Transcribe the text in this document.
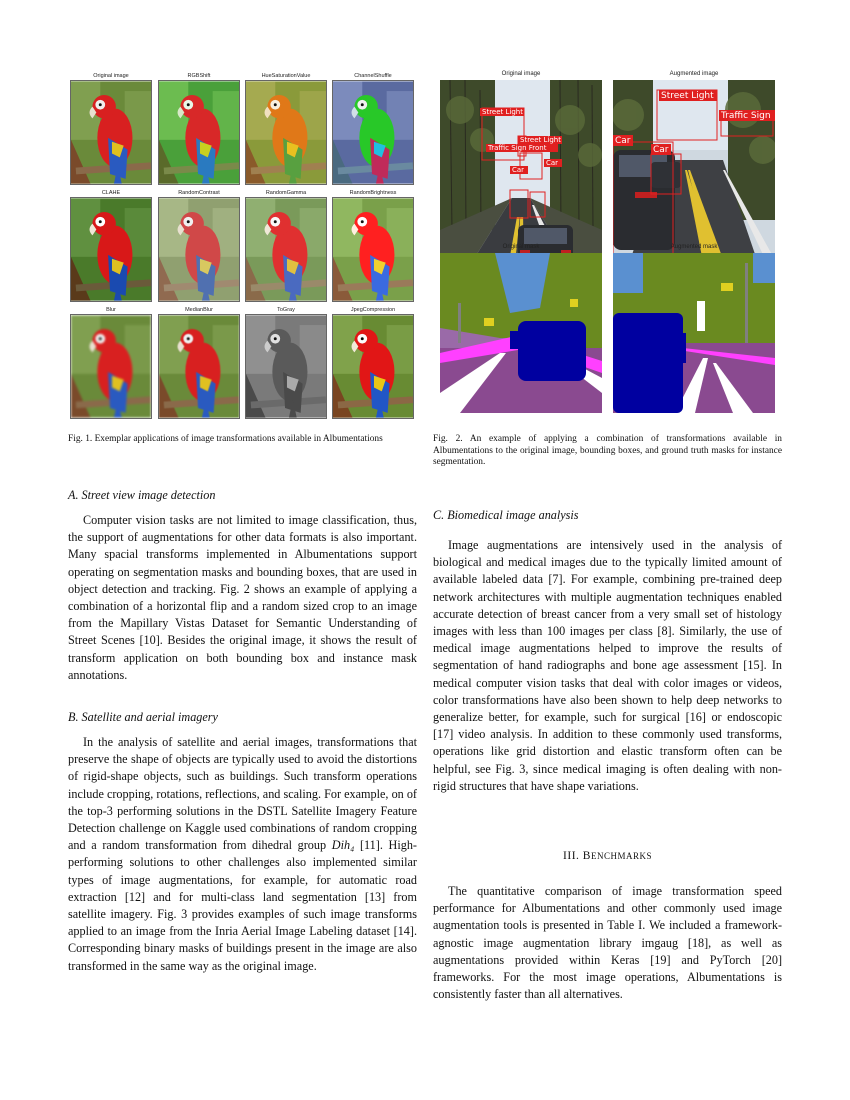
Original image	RGBShift	HueSaturationValue	ChannelShuffle
CLAHE	RandomContrast	RandomGamma	RandomBrightness
Blur	MedianBlur	ToGray	JpegCompression
Fig. 1. Exemplar applications of image transformations available in Albumentations
Original image	Augmented image
Street Light
Street Light
Traffic Sign Front
Car
Car
Street Light
Traffic Sign
Car
Car
Original mask	Augmented mask
Fig. 2. An example of applying a combination of transformations available in Albumentations to the original image, bounding boxes, and ground truth masks for instance segmentation.
A. Street view image detection
Computer vision tasks are not limited to image classification, thus, the support of augmentations for other data formats is also important. Many spacial transforms implemented in Albumentations support operating on segmentation masks and bounding boxes, that are used in object detection and tracking. Fig. 2 shows an example of applying a combination of a horizontal flip and a random sized crop to an image from the Mapillary Vistas Dataset for Semantic Understanding of Street Scenes [10]. Besides the original image, it shows the result of transform application on both bounding box and instance mask annotations.
B. Satellite and aerial imagery
In the analysis of satellite and aerial images, transformations that preserve the shape of objects are typically used to avoid the distortions of rigid-shape objects, such as buildings. Such transform operations include cropping, rotations, reflections, and scaling. For example, on of the top-3 performing solutions in the DSTL Satellite Imagery Feature Detection challenge on Kaggle used combinations of random cropping and a random transformation from dihedral group Dih₄ [11]. High-performing solutions to other challenges also implemented similar types of image augmentations, for example, for automatic road extraction [12] and for multi-class land segmentation [13] from satellite imagery. Fig. 3 provides examples of such image transforms applied to an image from the Inria Aerial Image Labeling dataset [14]. Corresponding binary masks of buildings present in the image are also transformed in the same way as the original image.
C. Biomedical image analysis
Image augmentations are intensively used in the analysis of biological and medical images due to the typically limited amount of available labeled data [7]. For example, combining pre-trained deep network architectures with multiple augmentation techniques enabled accurate detection of breast cancer from a very small set of histology images with less than 100 images per class [8]. Similarly, the use of medical image augmentations helped to improve the results of segmentation of hand radiographs and bone age assessment [15]. In medical computer vision tasks that deal with color images or videos, color transformations have also been shown to help deep networks to generalize better, for example, such for surgical [16] or endoscopic [17] video analysis. In addition to these commonly used transforms, operations like grid distortion and elastic transform often can be helpful, see Fig. 3, since medical imaging is often dealing with non-rigid structures that have shape variations.
III. BENCHMARKS
The quantitative comparison of image transformation speed performance for Albumentations and other commonly used image augmentation tools is presented in Table I. We included a framework-agnostic image augmentation library imgaug [18], as well as augmentations provided within Keras [19] and PyTorch [20] frameworks. For the most image operations, Albumentations is consistently faster than all alternatives.
